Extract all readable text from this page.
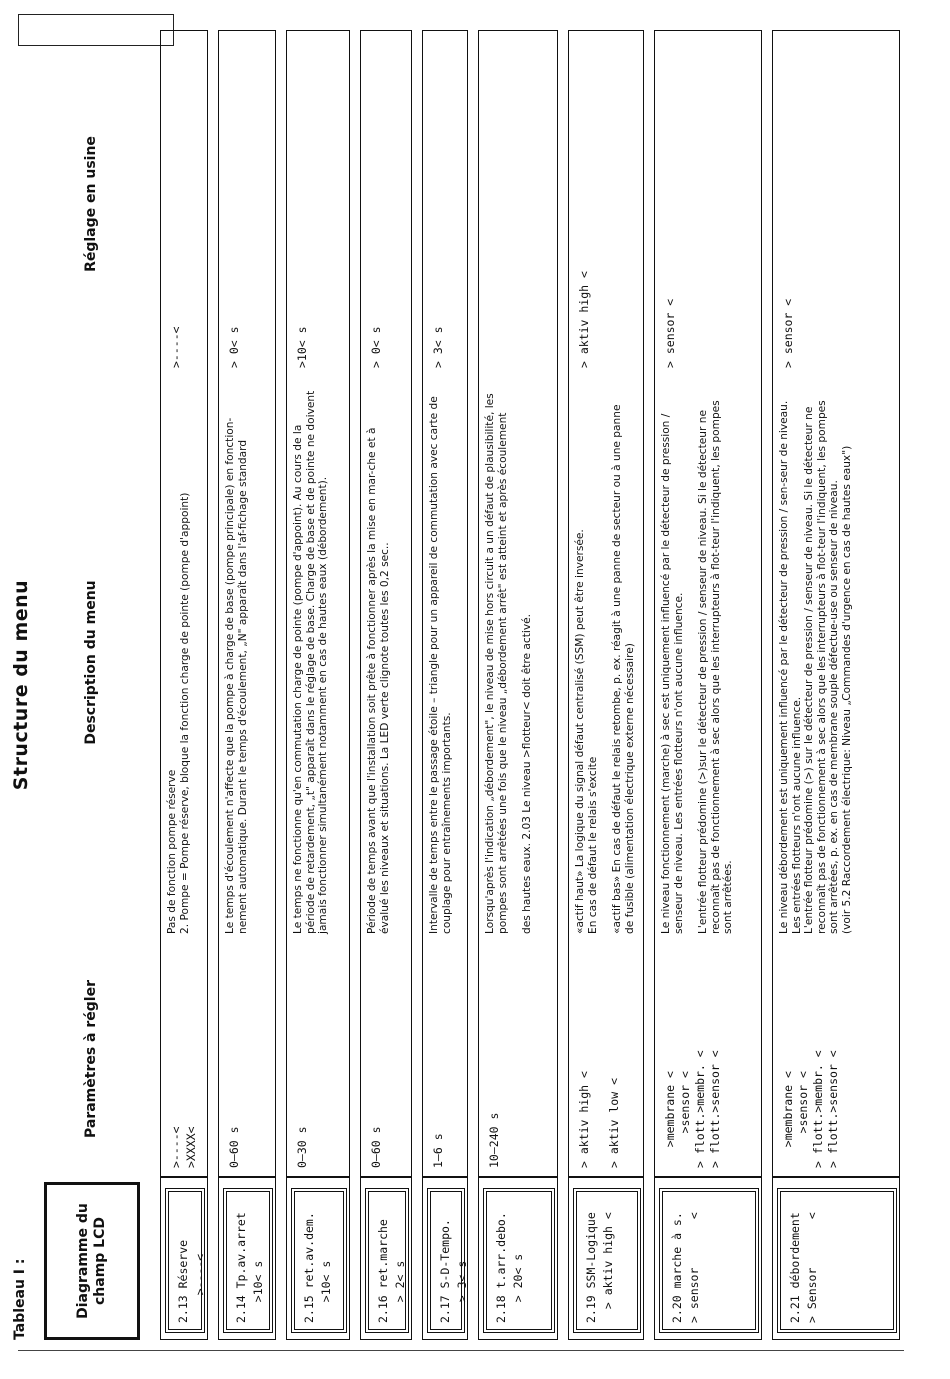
Tableau I :
Structure du menu
Diagramme du champ LCD
Paramètres à régler
Description du menu
Réglage en usine
2.13 Réserve
>----<
>----<
>XXXX<

Pas de fonction pompe réserve 2. Pompe = Pompe réserve, bloque la fonction charge de pointe (pompe d'appoint)

>----<
2.14 Tp.av.arret
>10< s
0–60 s

Le temps d'écoulement n'affecte que la pompe à charge de base (pompe principale) en fonction-nement automatique. Durant le temps d'écoulement, „N" apparaît dans l'af-fichage standard

> 0< s
2.15 ret.av.dem.
>10< s
0–30 s

Le temps ne fonctionne qu'en commutation charge de pointe (pompe d'appoint). Au cours de la période de retardement, „t" apparaît dans le réglage de base. Charge de base et de pointe ne doivent jamais fonctionner simultanément notamment en cas de hautes eaux (débordement).

>10< s
2.16 ret.marche
> 2< s
0–60 s

Période de temps avant que l'installation soit prête à fonctionner après la mise en mar-che et à évalué les niveaux et situations. La LED verte clignote toutes les 0,2 sec..

> 0< s
2.17 S-D-Tempo.
> 3< s
1–6 s

Intervalle de temps entre le passage étoile – triangle pour un appareil de commutation avec carte de couplage pour entraînements importants.

> 3< s
2.18 t.arr.debo.
> 20< s
10–240 s

Lorsqu'après l'indication „débordement", le niveau de mise hors circuit a un défaut de plausibilité, les pompes sont arrêtées une fois que le niveau „débordement arrêt" est atteint et après écoulement des hautes eaux. 2.03 Le niveau >flotteur< doit être activé.

2.19 SSM-Logique
> aktiv high <
> aktiv high <

> aktiv low <

«actif haut» La logique du signal défaut centralisé (SSM) peut être inversée. En cas de défaut le relais s'excite «actif bas» En cas de défaut le relais retombe, p. ex. réagit à une panne de secteur ou à une panne de fusible (alimentation électrique externe nécessaire)

> aktiv high <
2.20 marche à s.
> sensor       <
>membrane <
>sensor <
> flott.>membr. <
> flott.>sensor <

Le niveau fonctionnement (marche) à sec est uniquement influencé par le détecteur de pression / senseur de niveau. Les entrées flotteurs n'ont aucune influence. L'entrée flotteur prédomine (>)sur le détecteur de pression / senseur de niveau. Si le détecteur ne reconnaît pas de fonctionnement à sec alors que les interrupteurs à flot-teur l'indiquent, les pompes sont arrêtées.

> sensor <
2.21 débordement
> Sensor       <
>membrane <
>sensor <
> flott.>membr. <
> flott.>sensor <

Le niveau débordement est uniquement influencé par le détecteur de pression / sen-seur de niveau. Les entrées flotteurs n'ont aucune influence. L'entrée flotteur prédomine (>) sur le détecteur de pression / senseur de niveau. Si le détecteur ne reconnaît pas de fonctionnement à sec alors que les interrupteurs à flot-teur l'indiquent, les pompes sont arrêtées, p. ex. en cas de membrane souple défectue-use ou senseur de niveau. (voir 5.2 Raccordement électrique: Niveau „Commandes d'urgence en cas de hautes eaux")

> sensor <
